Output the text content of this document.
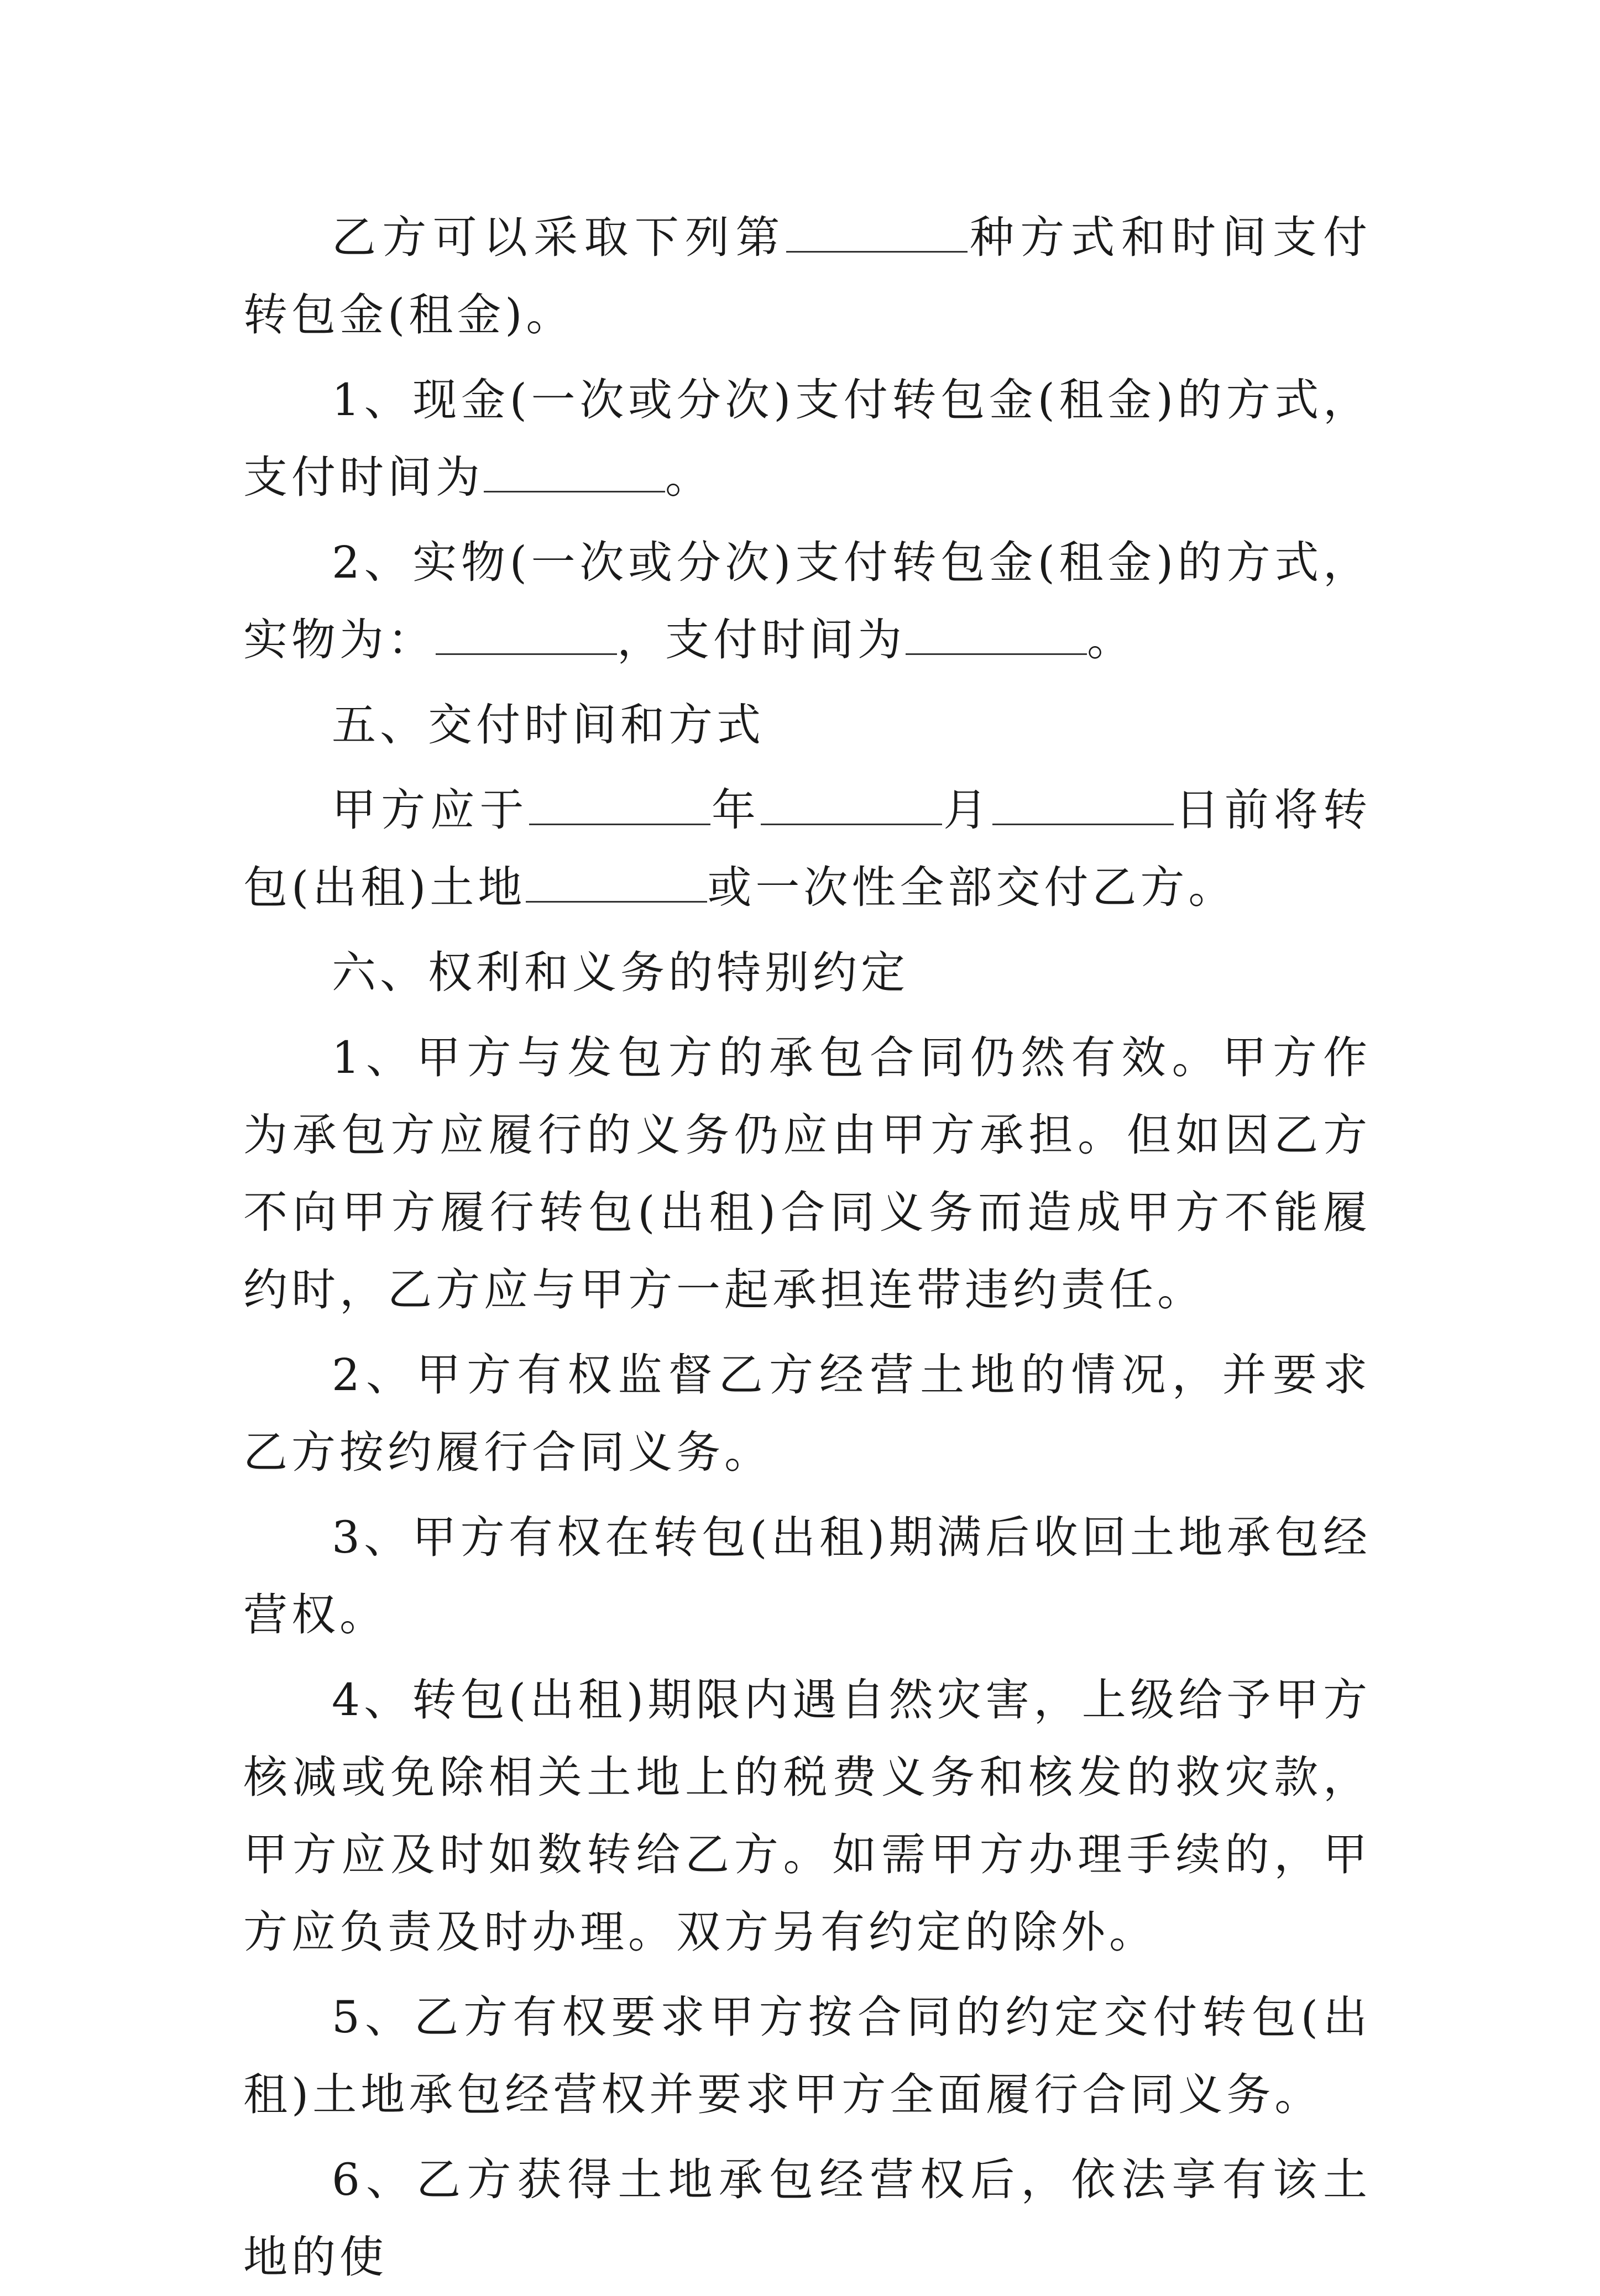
乙方可以采取下列第	种方式和时间支付转包金(租金)。

1、现金(一次或分次)支付转包金(租金)的方式，支付时间为	。

2、实物(一次或分次)支付转包金(租金)的方式，实物为：	，支付时间为	。

五、交付时间和方式

甲方应于	年	月	日前将转包(出租)土地	或一次性全部交付乙方。

六、权利和义务的特别约定

1、甲方与发包方的承包合同仍然有效。甲方作为承包方应履行的义务仍应由甲方承担。但如因乙方不向甲方履行转包(出租)合同义务而造成甲方不能履约时，乙方应与甲方一起承担连带违约责任。

2、甲方有权监督乙方经营土地的情况，并要求乙方按约履行合同义务。

3、甲方有权在转包(出租)期满后收回土地承包经营权。

4、转包(出租)期限内遇自然灾害，上级给予甲方核减或免除相关土地上的税费义务和核发的救灾款，甲方应及时如数转给乙方。如需甲方办理手续的，甲方应负责及时办理。双方另有约定的除外。

5、乙方有权要求甲方按合同的约定交付转包(出租)土地承包经营权并要求甲方全面履行合同义务。

6、乙方获得土地承包经营权后，依法享有该土地的使
